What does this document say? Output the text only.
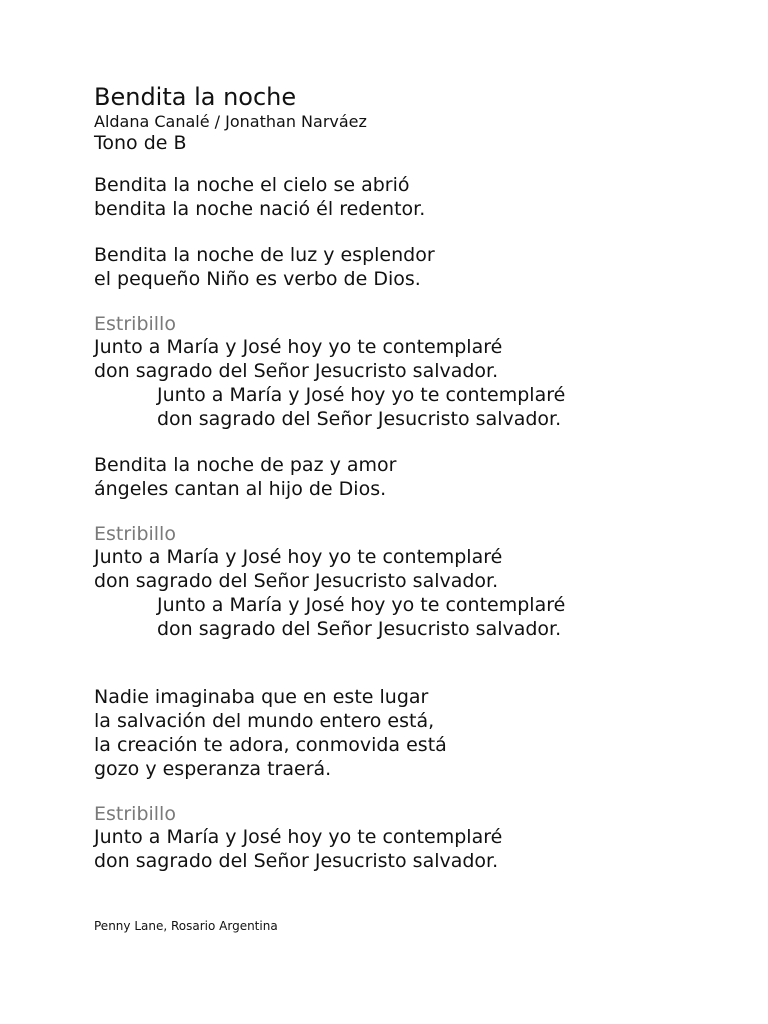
Bendita la noche

Aldana Canalé / Jonathan Narváez

Tono de B

Bendita la noche el cielo se abrió
bendita la noche nació él redentor.
Bendita la noche de luz y esplendor
el pequeño Niño es verbo de Dios.
Estribillo
Junto a María y José hoy yo te contemplaré
don sagrado del Señor Jesucristo salvador.
Junto a María y José hoy yo te contemplaré
don sagrado del Señor Jesucristo salvador.
Bendita la noche de paz y amor
ángeles cantan al hijo de Dios.
Estribillo
Junto a María y José hoy yo te contemplaré
don sagrado del Señor Jesucristo salvador.
Junto a María y José hoy yo te contemplaré
don sagrado del Señor Jesucristo salvador.
Nadie imaginaba que en este lugar
la salvación del mundo entero está,
la creación te adora, conmovida está
gozo y esperanza traerá.
Estribillo
Junto a María y José hoy yo te contemplaré
don sagrado del Señor Jesucristo salvador.
Penny Lane, Rosario Argentina
